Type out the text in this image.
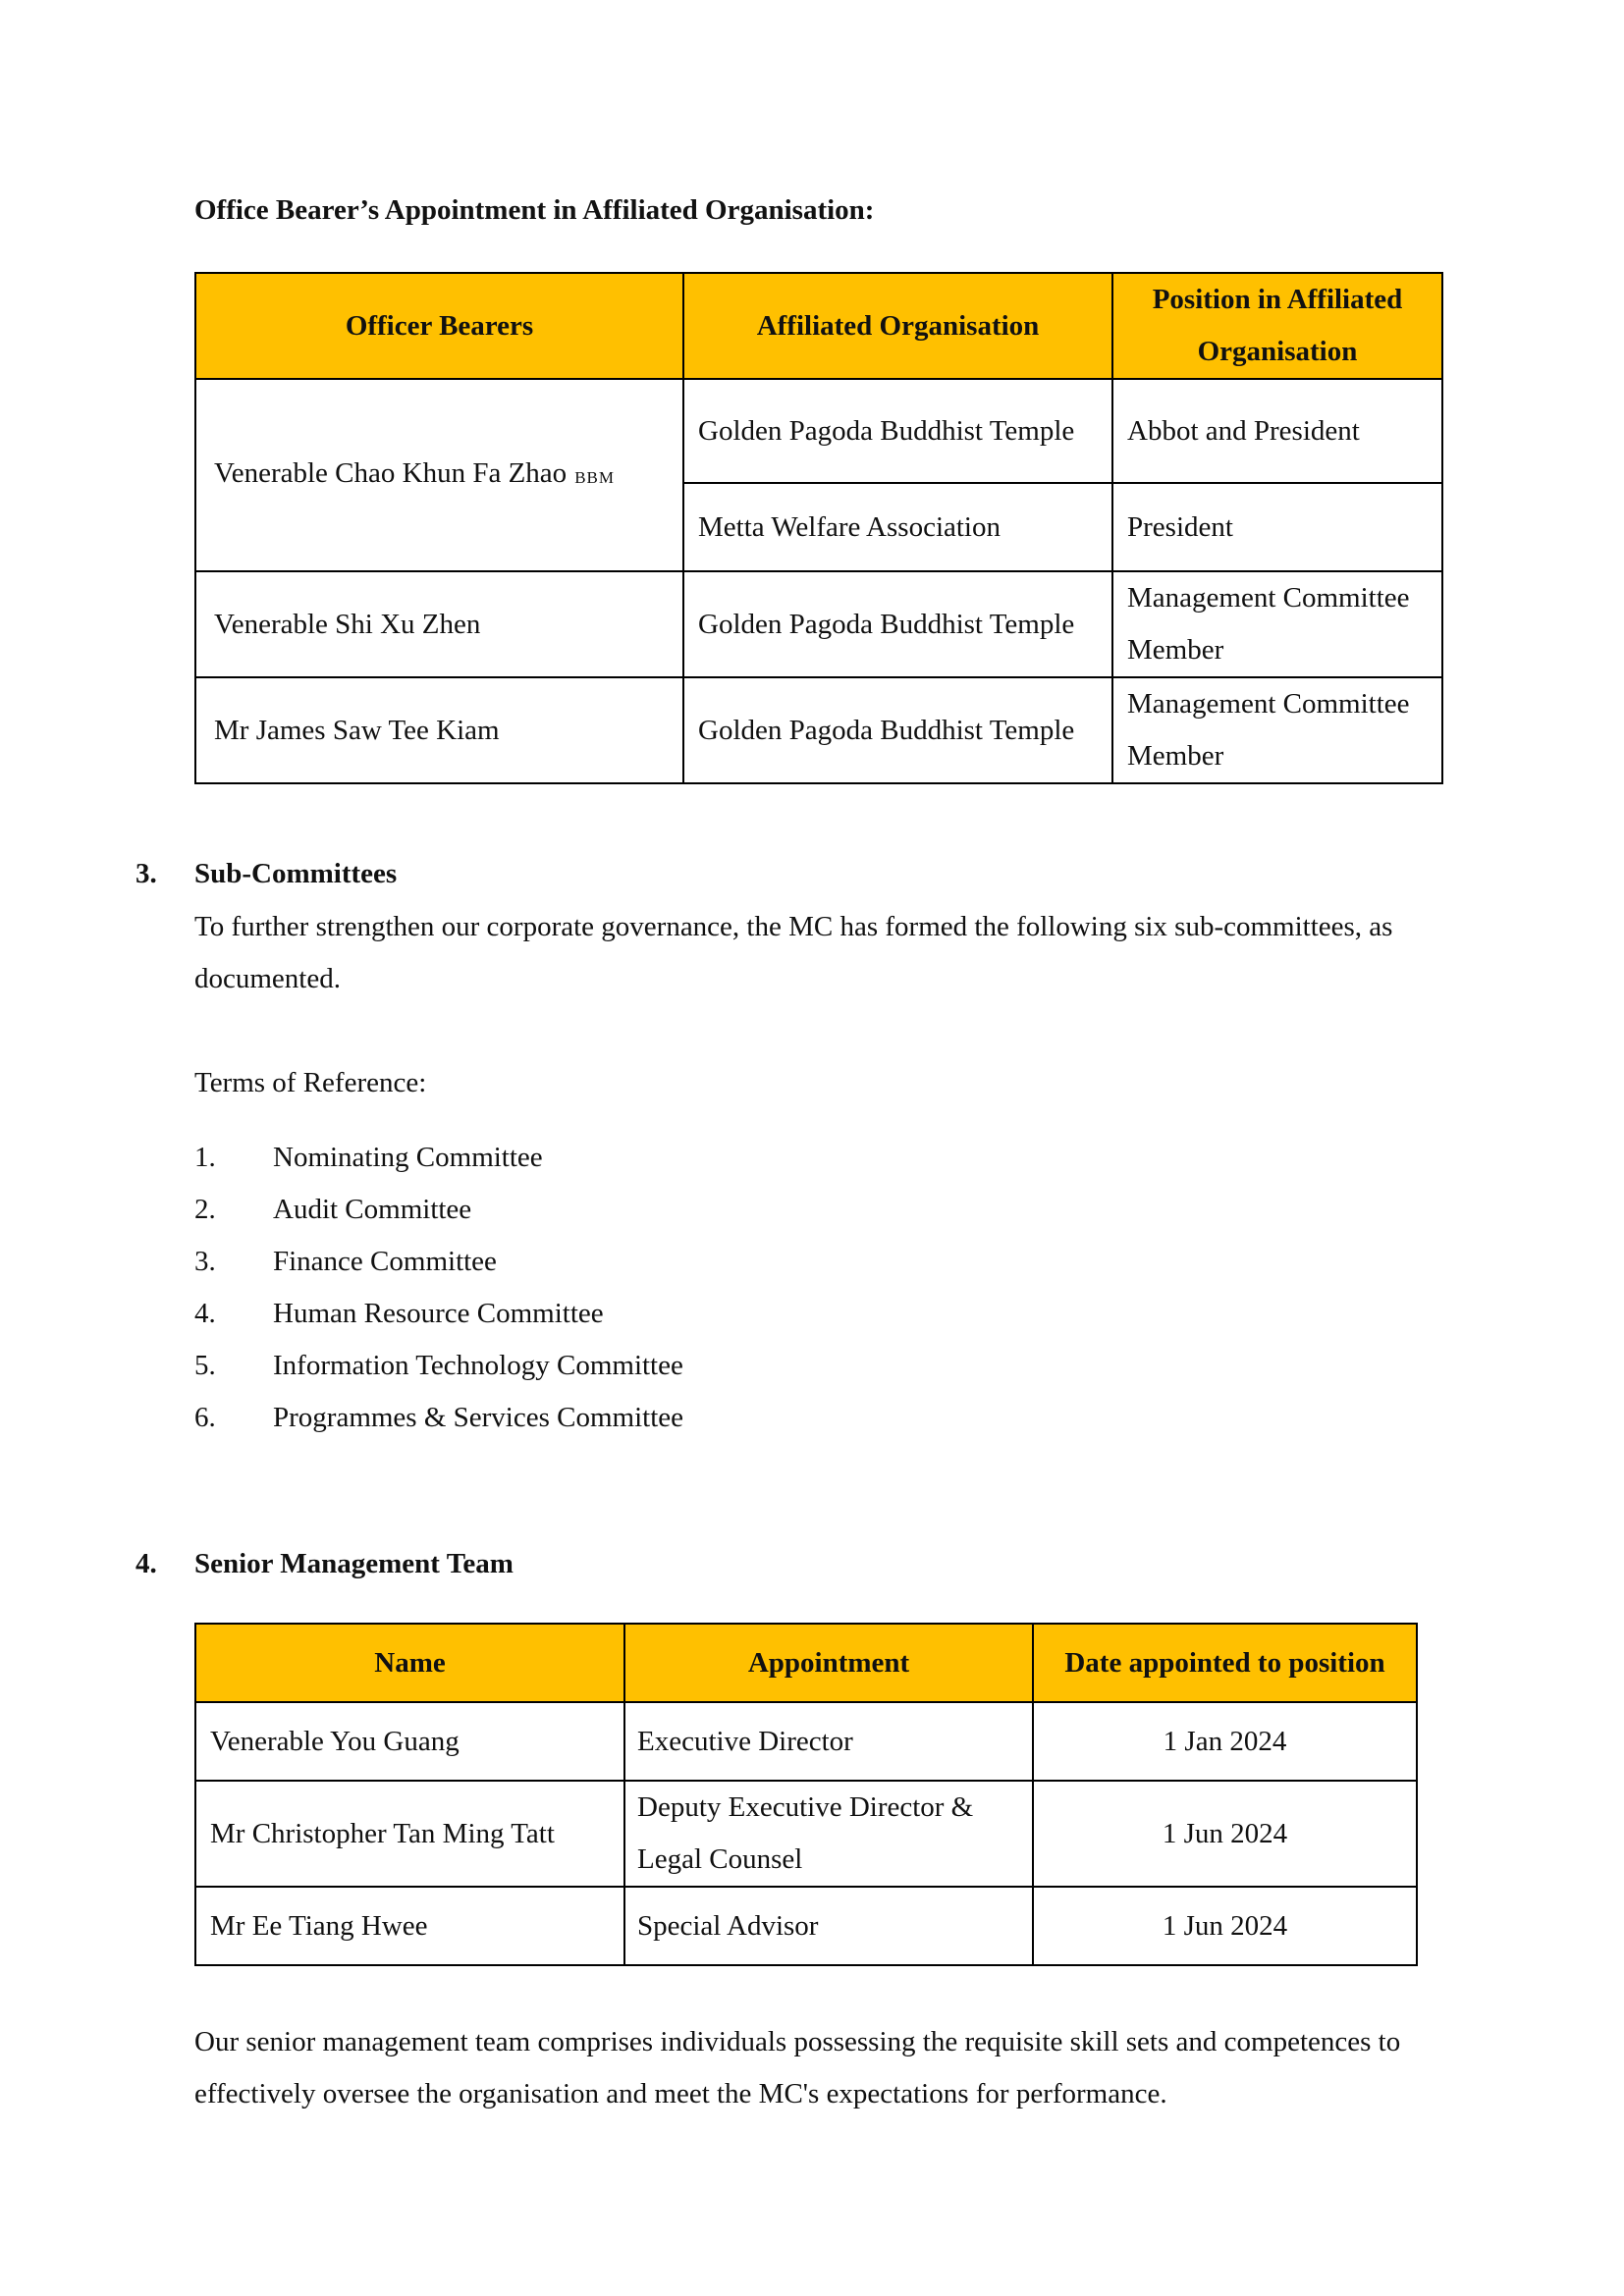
Office Bearer’s Appointment in Affiliated Organisation:
Officer Bearers	Affiliated Organisation	Position in Affiliated Organisation
Venerable Chao Khun Fa Zhao BBM	Golden Pagoda Buddhist Temple	Abbot and President
	Metta Welfare Association	President
Venerable Shi Xu Zhen	Golden Pagoda Buddhist Temple	Management Committee Member
Mr James Saw Tee Kiam	Golden Pagoda Buddhist Temple	Management Committee Member
3. Sub-Committees
To further strengthen our corporate governance, the MC has formed the following six sub-committees, as documented.
Terms of Reference:
1. Nominating Committee
2. Audit Committee
3. Finance Committee
4. Human Resource Committee
5. Information Technology Committee
6. Programmes & Services Committee
4. Senior Management Team
Name	Appointment	Date appointed to position
Venerable You Guang	Executive Director	1 Jan 2024
Mr Christopher Tan Ming Tatt	Deputy Executive Director & Legal Counsel	1 Jun 2024
Mr Ee Tiang Hwee	Special Advisor	1 Jun 2024
Our senior management team comprises individuals possessing the requisite skill sets and competences to effectively oversee the organisation and meet the MC's expectations for performance.
